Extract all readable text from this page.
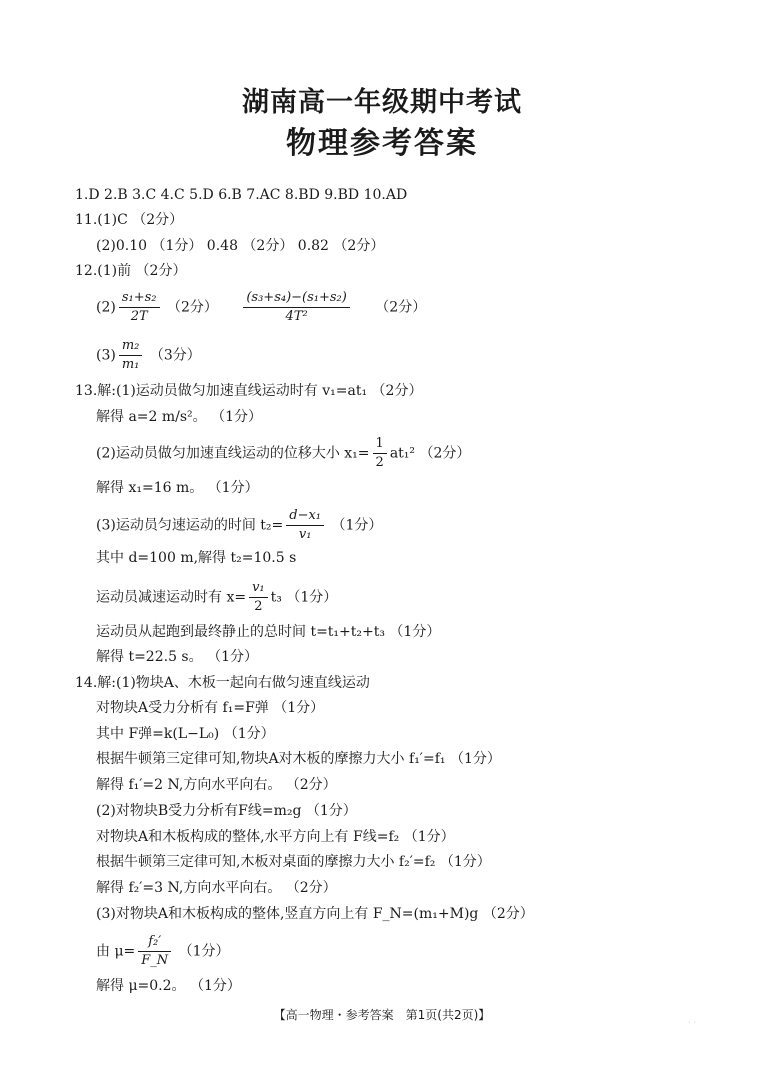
湖南高一年级期中考试
物理参考答案
1.D 2.B 3.C 4.C 5.D 6.B 7.AC 8.BD 9.BD 10.AD
11.(1)C （2分）
(2)0.10 （1分） 0.48 （2分） 0.82 （2分）
12.(1)前 （2分）
$(2) \frac{\text{s₁+s₂}}{2T} (2$分） $\frac{\text{(s₃+s₄)−(s₁+s₂)}}{\text{4T²}} (2$分）
$(3) \frac{\text{m₂}}{\text{m₁}} (3$分）
13.解:(1)运动员做匀加速直线运动时有 v₁=at₁ （2分）
解得 a=2 m/s²。 （1分）
(2)运动员做匀加速直线运动的位移大小 $x_1= \frac{1}{2} at_1^2$ （2分）
解得 x₁=16 m。 （1分）
(3)运动员匀速运动的时间 $t_2= \frac{\text{d−x₁}}{\text{v₁}} (1$分）
其中 d=100 m,解得 t₂=10.5 s
运动员减速运动时有 $x= \frac{\text{v₁}}{2} t_3$ （1分）
运动员从起跑到最终静止的总时间 t=t₁+t₂+t₃ （1分）
解得 t=22.5 s。 （1分）
14.解:(1)物块A、木板一起向右做匀速直线运动
对物块A受力分析有 f₁=F弹 （1分）
其中 F弹=k(L−L₀) （1分）
根据牛顿第三定律可知,物块A对木板的摩擦力大小 f₁′=f₁ （1分）
解得 f₁′=2 N,方向水平向右。 （2分）
(2)对物块B受力分析有F线=m₂g （1分）
对物块A和木板构成的整体,水平方向上有 F线=f₂ （1分）
根据牛顿第三定律可知,木板对桌面的摩擦力大小 f₂′=f₂ （1分）
解得 f₂′=3 N,方向水平向右。 （2分）
(3)对物块A和木板构成的整体,竖直方向上有 F_N=(m₁+M)g （2分）
由 $\mu= \frac{\text{f₂′}}{F\_N} (1$分）
解得 μ=0.2。 （1分）
【高一物理・参考答案　第1页(共2页)】
· ·
